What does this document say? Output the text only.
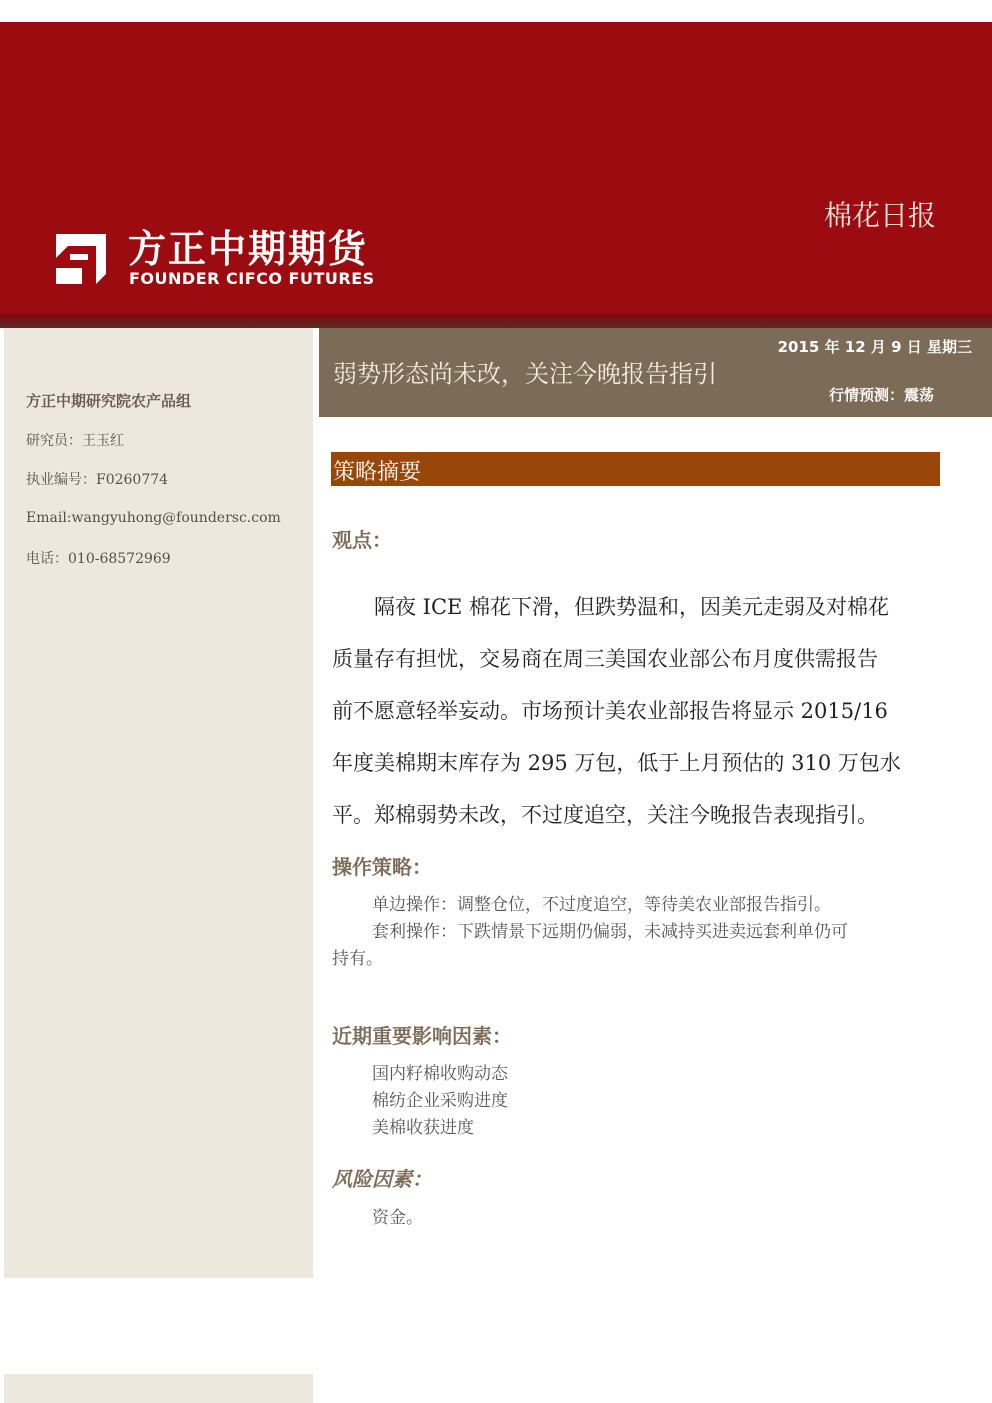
方正中期期货
FOUNDER CIFCO FUTURES
棉花日报
方正中期研究院农产品组
研究员：王玉红
执业编号：F0260774
Email:wangyuhong@foundersc.com
电话：010-68572969
弱势形态尚未改，关注今晚报告指引
2015 年 12 月 9 日 星期三
行情预测：震荡
策略摘要
观点：
隔夜 ICE 棉花下滑，但跌势温和，因美元走弱及对棉花
质量存有担忧，交易商在周三美国农业部公布月度供需报告
前不愿意轻举妄动。市场预计美农业部报告将显示 2015/16
年度美棉期末库存为 295 万包，低于上月预估的 310 万包水
平。郑棉弱势未改，不过度追空，关注今晚报告表现指引。
操作策略：
单边操作：调整仓位，不过度追空，等待美农业部报告指引。
套利操作：下跌情景下远期仍偏弱，未减持买进卖远套利单仍可
持有。
近期重要影响因素：
国内籽棉收购动态
棉纺企业采购进度
美棉收获进度
风险因素：
资金。
